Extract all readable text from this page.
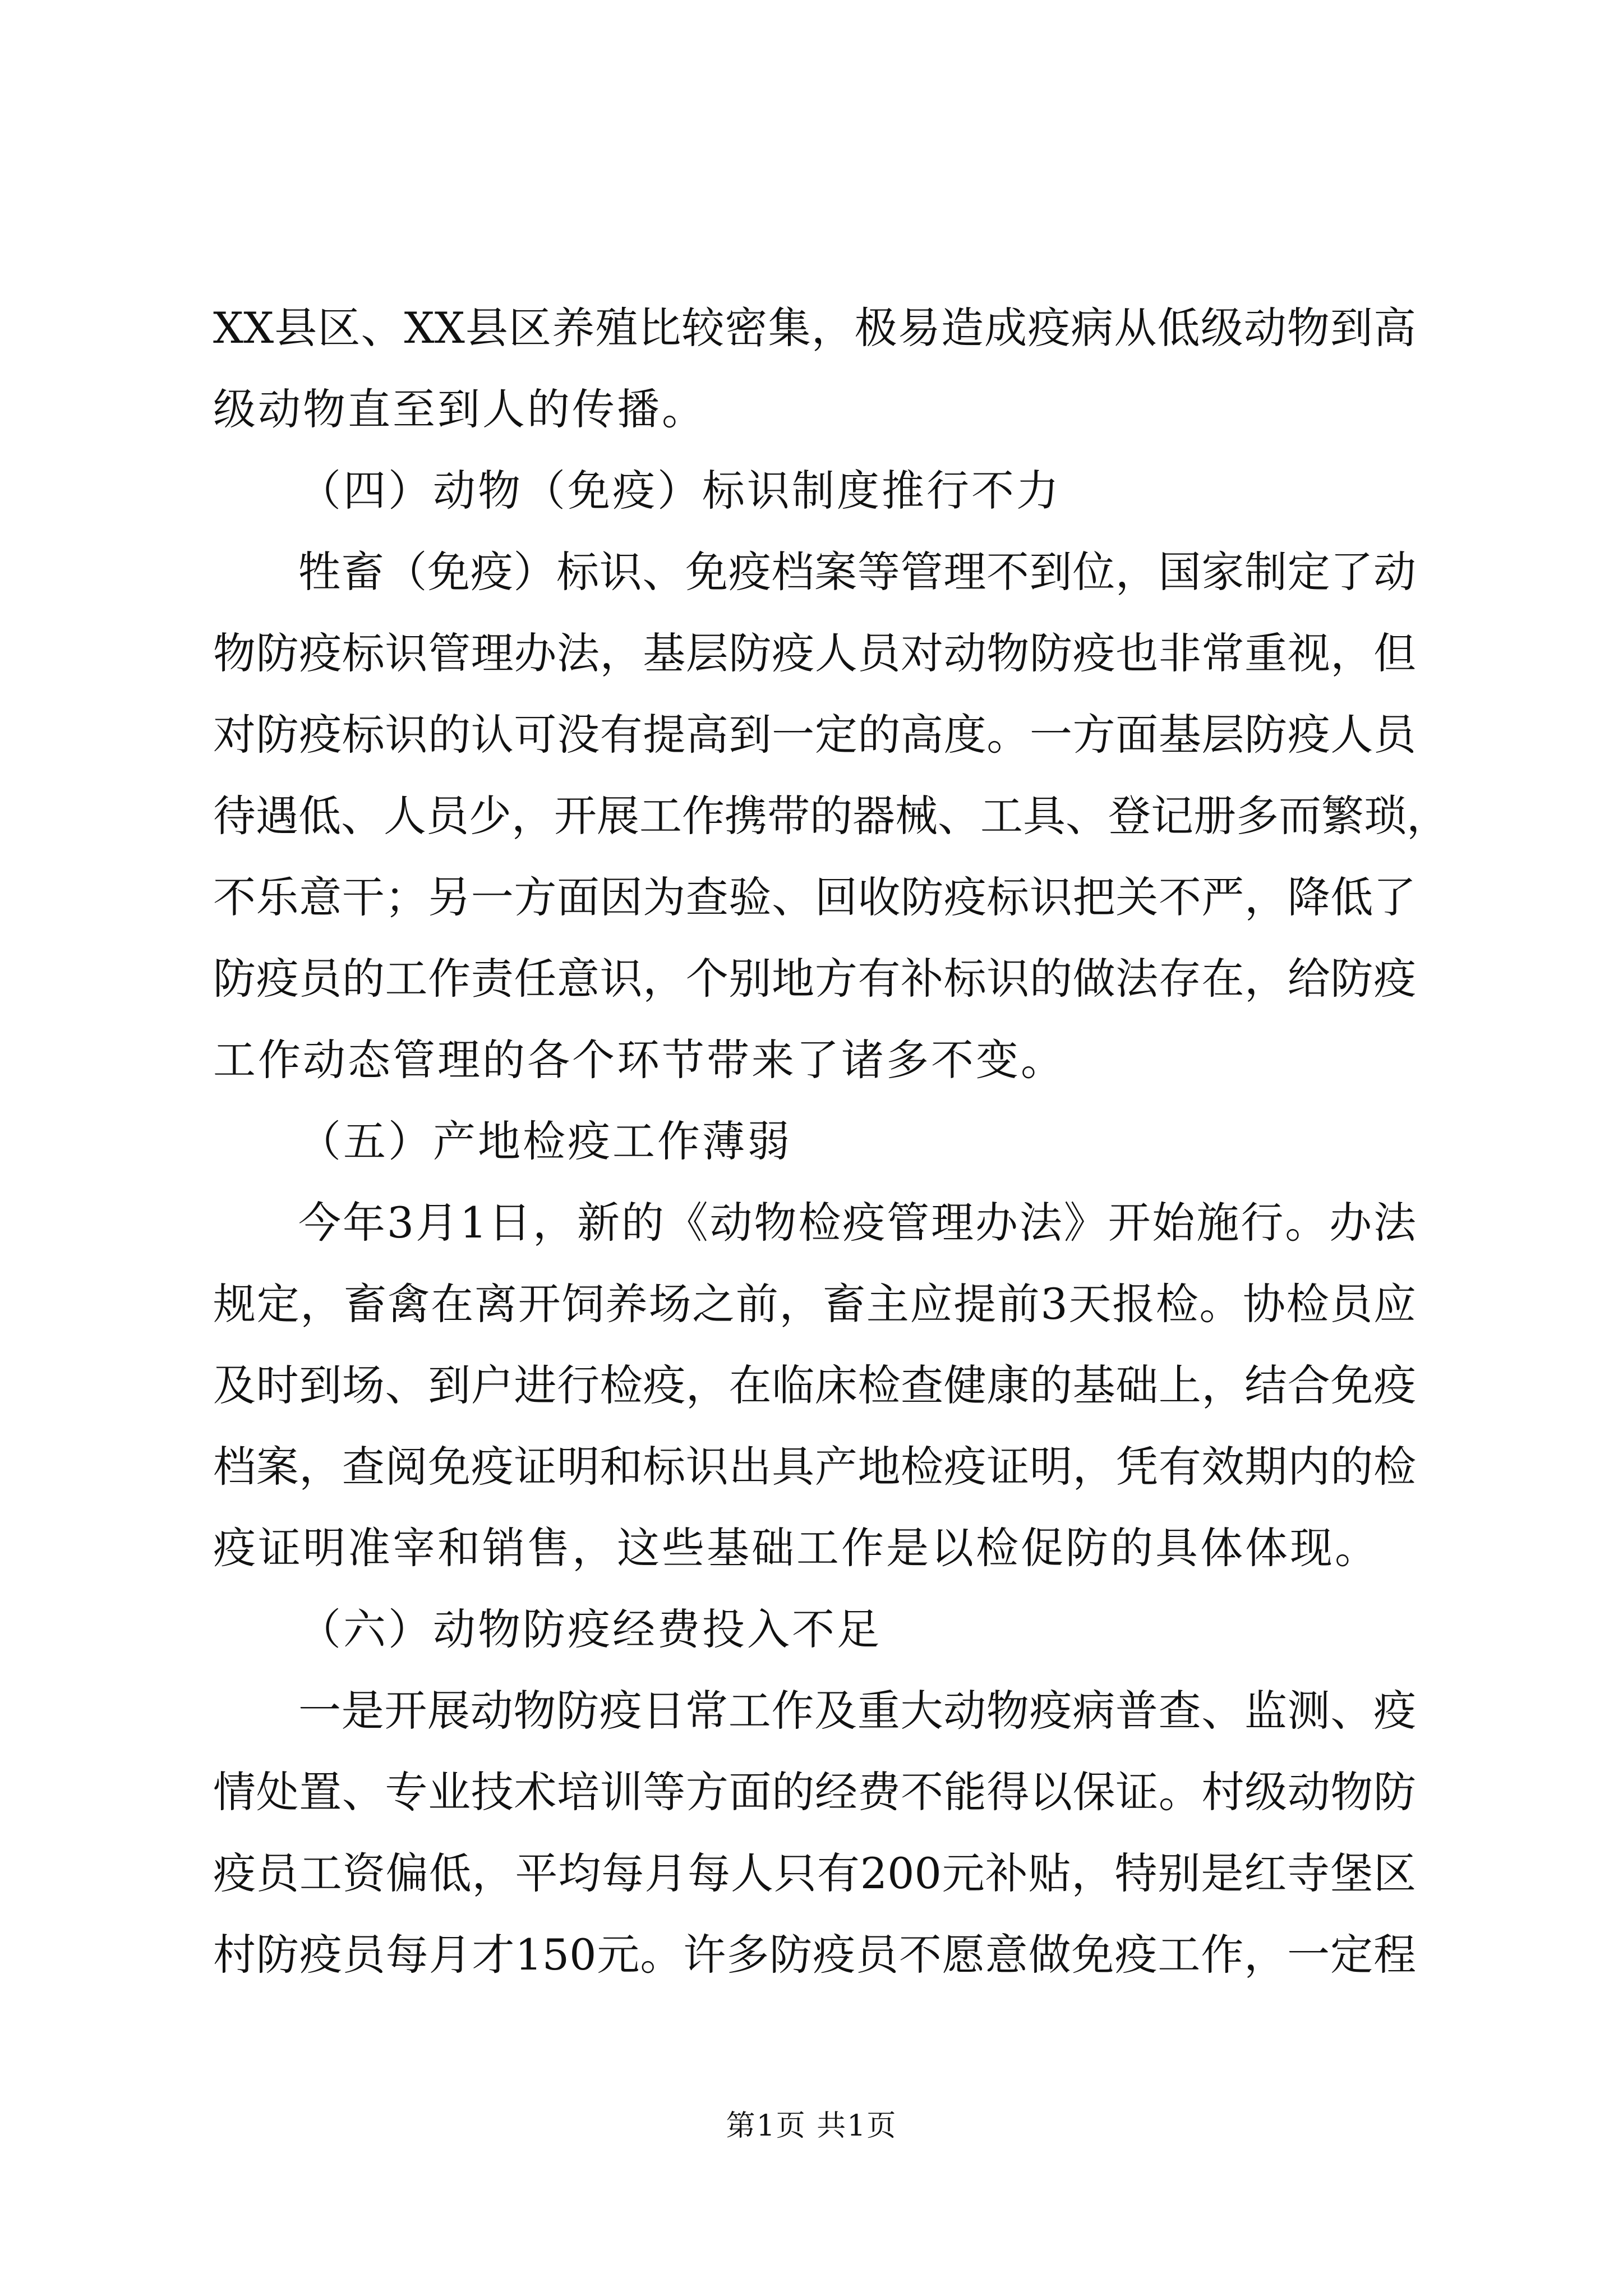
XX县区、XX县区养殖比较密集，极易造成疫病从低级动物到高
级动物直至到人的传播。
（四）动物（免疫）标识制度推行不力
牲畜（免疫）标识、免疫档案等管理不到位，国家制定了动
物防疫标识管理办法，基层防疫人员对动物防疫也非常重视，但
对防疫标识的认可没有提高到一定的高度。一方面基层防疫人员
待遇低、人员少，开展工作携带的器械、工具、登记册多而繁琐，
不乐意干；另一方面因为查验、回收防疫标识把关不严，降低了
防疫员的工作责任意识，个别地方有补标识的做法存在，给防疫
工作动态管理的各个环节带来了诸多不变。
（五）产地检疫工作薄弱
今年3月1日，新的《动物检疫管理办法》开始施行。办法
规定，畜禽在离开饲养场之前，畜主应提前3天报检。协检员应
及时到场、到户进行检疫，在临床检查健康的基础上，结合免疫
档案，查阅免疫证明和标识出具产地检疫证明，凭有效期内的检
疫证明准宰和销售，这些基础工作是以检促防的具体体现。
（六）动物防疫经费投入不足
一是开展动物防疫日常工作及重大动物疫病普查、监测、疫
情处置、专业技术培训等方面的经费不能得以保证。村级动物防
疫员工资偏低，平均每月每人只有200元补贴，特别是红寺堡区
村防疫员每月才150元。许多防疫员不愿意做免疫工作，一定程
第1页 共1页
